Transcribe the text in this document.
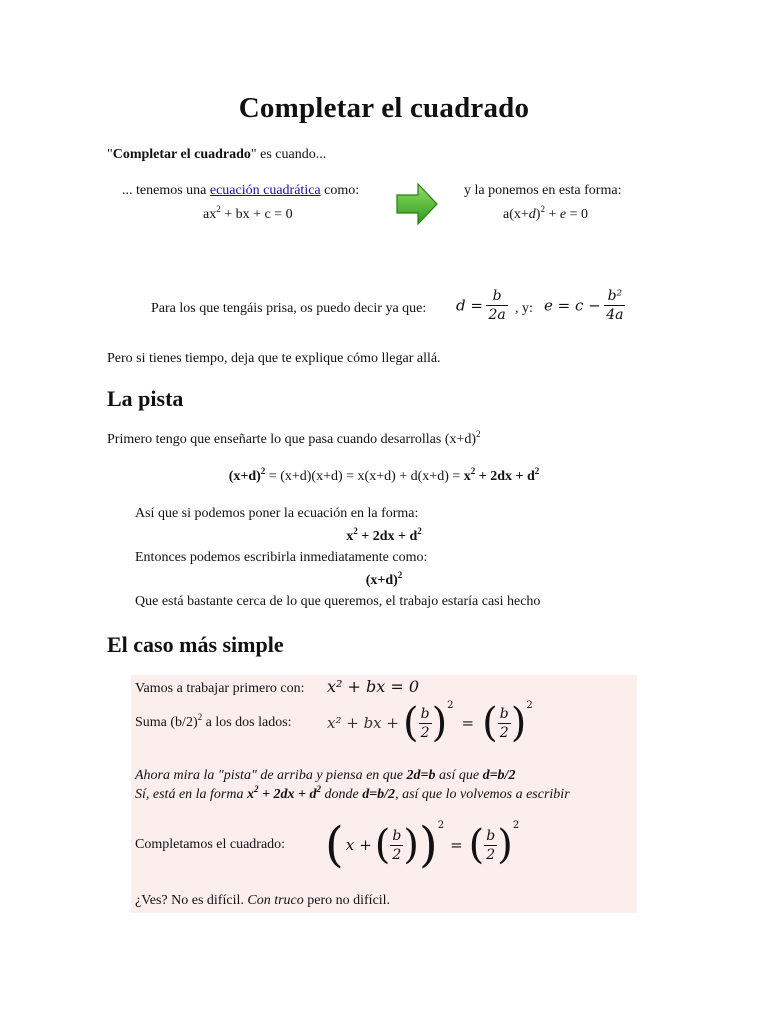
Completar el cuadrado
"Completar el cuadrado" es cuando...
... tenemos una ecuación cuadrática como:
$ax^2$ + bx + c = 0
y la ponemos en esta forma:
$a(x+d)^2 + e = 0$
Para los que tengáis prisa, os puedo decir ya que: $d = \frac{b}{2a}$ , y: $e = c - \frac{\text{b²}}{4a}$
Pero si tienes tiempo, deja que te explique cómo llegar allá.
La pista
Primero tengo que enseñarte lo que pasa cuando desarrollas $(x+d)^2$
$(x+d)^2 = (x+d)(x+d) = x(x+d) + d(x+d) = x^2 + 2dx + d^2$
Así que si podemos poner la ecuación en la forma:
$x^2 + 2dx + d^2$
Entonces podemos escribirla inmediatamente como:
$(x+d)^2$
Que está bastante cerca de lo que queremos, el trabajo estaría casi hecho
El caso más simple
Vamos a trabajar primero con: x² + bx = 0
Suma $(b/2)^2$ a los dos lados: x² + bx + ( $\frac{b}{2}$ ) 2
= ( $\frac{b}{2}$ ) 2
Ahora mira la "pista" de arriba y piensa en que 2d=b así que d=b/2
Sí, está en la forma $x^2 + 2dx + d^2$ donde d=b/2, así que lo volvemos a escribir
Completamos el cuadrado: ( x + ( $\frac{b}{2}$ ) ) 2
= ( $\frac{b}{2}$ ) 2
¿Ves? No es difícil. Con truco pero no difícil.
